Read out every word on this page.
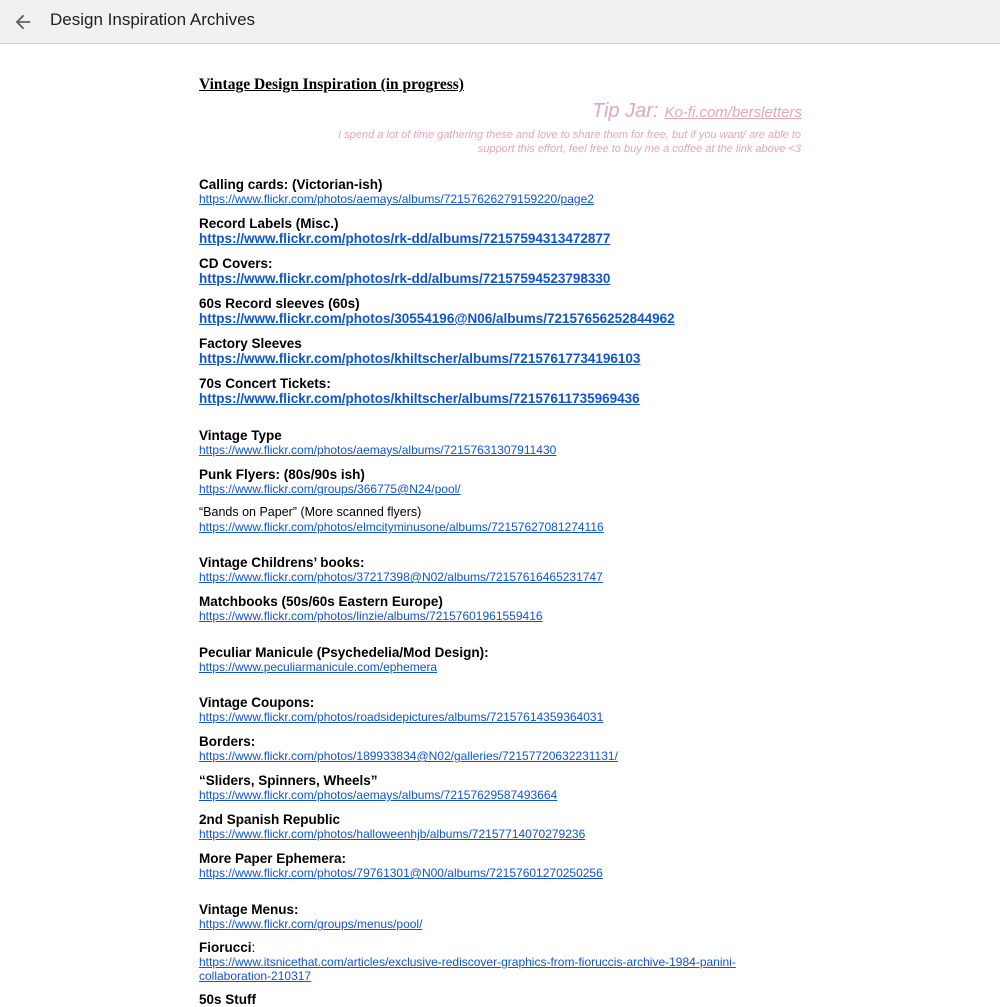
Design Inspiration Archives
Vintage Design Inspiration (in progress)
Tip Jar: Ko-fi.com/bersletters
I spend a lot of time gathering these and love to share them for free, but if you want/ are able to support this effort, feel free to buy me a coffee at the link above <3
Calling cards: (Victorian-ish)
https://www.flickr.com/photos/aemays/albums/72157626279159220/page2
Record Labels (Misc.)
https://www.flickr.com/photos/rk-dd/albums/72157594313472877
CD Covers:
https://www.flickr.com/photos/rk-dd/albums/72157594523798330
60s Record sleeves (60s)
https://www.flickr.com/photos/30554196@N06/albums/72157656252844962
Factory Sleeves
https://www.flickr.com/photos/khiltscher/albums/72157617734196103
70s Concert Tickets:
https://www.flickr.com/photos/khiltscher/albums/72157611735969436
Vintage Type
https://www.flickr.com/photos/aemays/albums/72157631307911430
Punk Flyers: (80s/90s ish)
https://www.flickr.com/groups/366775@N24/pool/
“Bands on Paper” (More scanned flyers)
https://www.flickr.com/photos/elmcityminusone/albums/72157627081274116
Vintage Childrens’ books:
https://www.flickr.com/photos/37217398@N02/albums/72157616465231747
Matchbooks (50s/60s Eastern Europe)
https://www.flickr.com/photos/linzie/albums/72157601961559416
Peculiar Manicule (Psychedelia/Mod Design):
https://www.peculiarmanicule.com/ephemera
Vintage Coupons:
https://www.flickr.com/photos/roadsidepictures/albums/72157614359364031
Borders:
https://www.flickr.com/photos/189933834@N02/galleries/72157720632231131/
“Sliders, Spinners, Wheels”
https://www.flickr.com/photos/aemays/albums/72157629587493664
2nd Spanish Republic
https://www.flickr.com/photos/halloweenhjb/albums/72157714070279236
More Paper Ephemera:
https://www.flickr.com/photos/79761301@N00/albums/72157601270250256
Vintage Menus:
https://www.flickr.com/groups/menus/pool/
Fiorucci:
https://www.itsnicethat.com/articles/exclusive-rediscover-graphics-from-fioruccis-archive-1984-panini-collaboration-210317
50s Stuff
